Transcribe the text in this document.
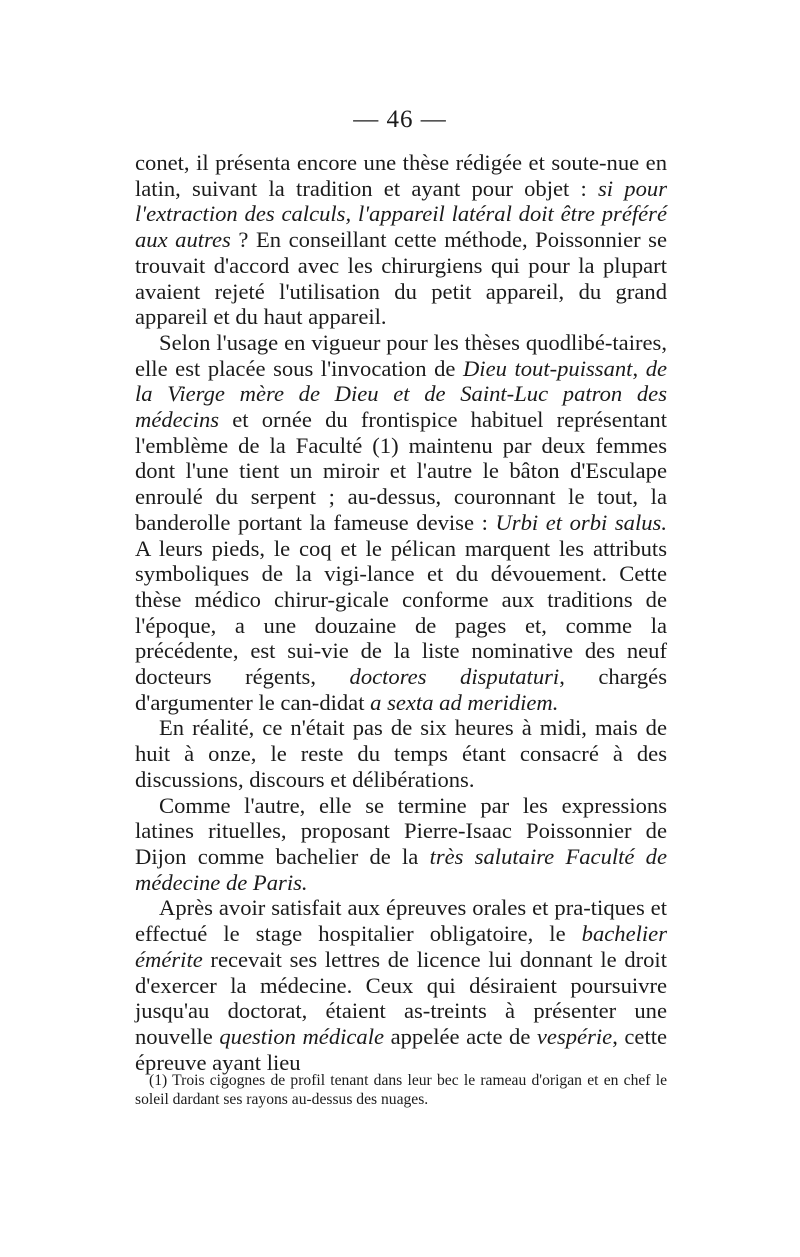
— 46 —

conet, il présenta encore une thèse rédigée et soute-nue en latin, suivant la tradition et ayant pour objet : si pour l'extraction des calculs, l'appareil latéral doit être préféré aux autres ? En conseillant cette méthode, Poissonnier se trouvait d'accord avec les chirurgiens qui pour la plupart avaient rejeté l'utilisation du petit appareil, du grand appareil et du haut appareil.

Selon l'usage en vigueur pour les thèses quodlibé-taires, elle est placée sous l'invocation de Dieu tout-puissant, de la Vierge mère de Dieu et de Saint-Luc patron des médecins et ornée du frontispice habituel représentant l'emblème de la Faculté (1) maintenu par deux femmes dont l'une tient un miroir et l'autre le bâton d'Esculape enroulé du serpent ; au-dessus, couronnant le tout, la banderolle portant la fameuse devise : Urbi et orbi salus. A leurs pieds, le coq et le pélican marquent les attributs symboliques de la vigi-lance et du dévouement. Cette thèse médico chirur-gicale conforme aux traditions de l'époque, a une douzaine de pages et, comme la précédente, est sui-vie de la liste nominative des neuf docteurs régents, doctores disputaturi, chargés d'argumenter le can-didat a sexta ad meridiem.

En réalité, ce n'était pas de six heures à midi, mais de huit à onze, le reste du temps étant consacré à des discussions, discours et délibérations.

Comme l'autre, elle se termine par les expressions latines rituelles, proposant Pierre-Isaac Poissonnier de Dijon comme bachelier de la très salutaire Faculté de médecine de Paris.

Après avoir satisfait aux épreuves orales et pra-tiques et effectué le stage hospitalier obligatoire, le bachelier émérite recevait ses lettres de licence lui donnant le droit d'exercer la médecine. Ceux qui désiraient poursuivre jusqu'au doctorat, étaient as-treints à présenter une nouvelle question médicale appelée acte de vespérie, cette épreuve ayant lieu

(1) Trois cigognes de profil tenant dans leur bec le rameau d'origan et en chef le soleil dardant ses rayons au-dessus des nuages.
